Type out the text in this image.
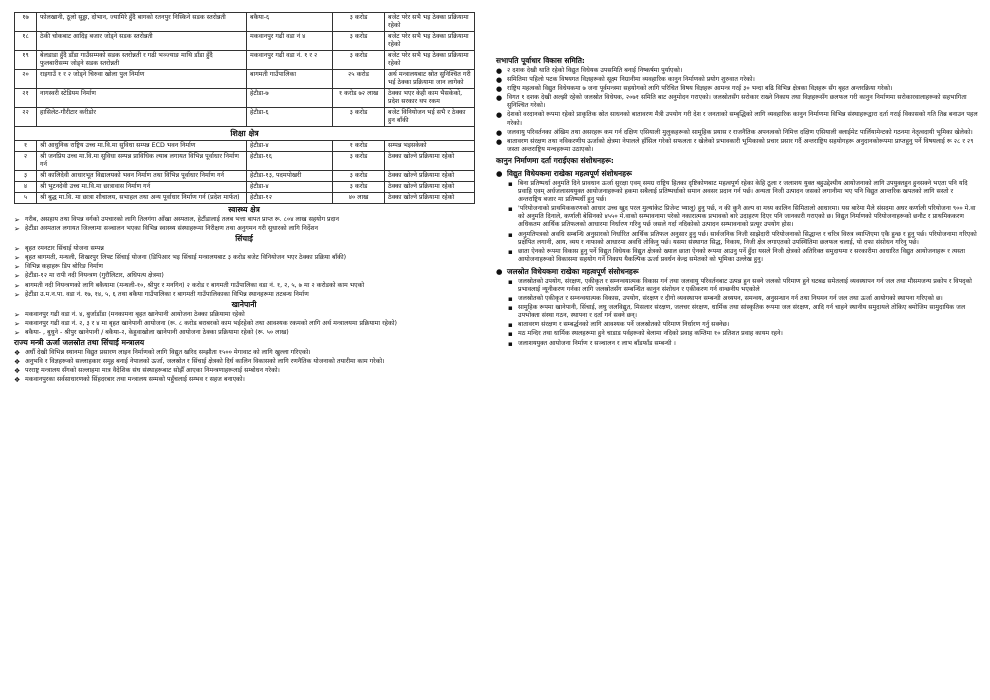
१७	फोलखानी, ठूलो सुड्डा, दोभान, ज्यामिरे हुँदै बागको रतनपुर निस्किने सडक स्तरोन्नती	बकैया-६	३ करोड	बजेट परेर सभै भइ ठेक्का प्रक्रियामा रहेको
१८	ठेकी चोकबाट आदिइ बजार जोड्ने सडक स्तरोन्नती	मकवानपुर गढी वडा नं ४	३ करोड	बजेट परेर सभै भइ ठेक्का प्रक्रियामा रहेको
१९	बेलडाडा हुँदै डाँडा गाउँसम्मको सडक स्तरोन्नती र गढी भञ्ज्याङ माथि डाँडा हुँदै फुलबारीसम्म जोड्ने सडक स्तरोन्नती	मकवानपुर गढी वडा नं. १ र २	३ करोड	बजेट परेर सभै भइ ठेक्का प्रक्रियामा रहेको
२०	राइगाउँ १ र २ जोड्ने चिरुवा खोला पुल निर्माण	बागमती गाउँपालिका	२५ करोड	अर्थ मन्त्रालयबाट स्रोत सुनिश्चित गरी भई ठेक्का प्रक्रियामा जान लागेको
२१	नागस्वरी स्टेडियम निर्माण	हेटौडा-७	१ करोड ७२ लाख	ठेक्का भएर केही काम भैसकेको, प्रदेश सरकार थप रकम
२२	हासिलेट-गौरीटार करीडोर	हेटौडा-६	३ करोड	बजेट विनियोजन भई सभै र ठेक्का हुन बाँकी
शिक्षा क्षेत्र				
१	श्री आधुनिक राष्ट्रिय उच्च मा.वि.मा सुविधा सम्पन्न ECD भवन निर्माण	हेटौडा-४	१ करोड	सम्पन्न भइसकेको
२	श्री जनप्रिय उच्च मा.वि.मा सुविधा सम्पन्न प्राविधिक ल्याब लगायत विभिन्न पूर्वाधार निर्माण गर्न	हेटौडा-१६	३ करोड	ठेक्का खोल्ने प्रक्रियामा रहेको
३	श्री कालिदेवी आधारभूत विद्यालयको भवन निर्माण तथा विभिन्न पूर्वाधार निर्माण गर्न	हेटौडा-१३, पदमपोखरी	३ करोड	ठेक्का खोल्ने प्रक्रियामा रहेको
४	श्री भुटनदेवी उच्च मा.वि.मा छात्रावास निर्माण गर्न	हेटौडा-४	३ करोड	ठेक्का खोल्ने प्रक्रियामा रहेको
५	श्री बुद्ध मा.वि. मा छात्रा शौचालय, सभाहल तथा अन्य पूर्वाधार निर्माण गर्न (प्रदेश मार्फत)	हेटौडा-१२	४० लाख	ठेक्का खोल्ने प्रक्रियामा रहेको
स्वास्थ्य क्षेत्र
➢ गरीब, असहाय तथा विपन्न वर्गको उपचारको लागि तिलगंगा आँखा अस्पताल, हेटौंडालाई तलब भत्ता बापत प्राप्त रू. ८०४ लाख सहयोग प्रदान
➢ हेटौंडा अस्पताल लगायत जिल्लामा सञ्चालन भएका विभिन्न स्वास्थ्य संस्थाहरूमा निरीक्षण तथा अनुगमन गरी सुधारको लागि निर्देशन
सिंचाई
➢ बृहत रमनटार सिंचाई योजना सम्पन्न
➢ बृहत बागमती, मन्थली, शिखरपुर लिफ्ट सिंचाई योजना (डिपिआर भइ सिंचाई मन्त्रालयबाट ३ करोड बजेट विनियोजन भएर ठेक्का प्रक्रिया बाँकी)
➢ विभिन्न कहाहरू डिप बोरिङ निर्माण
➢ हेटौंडा-१२ मा रापी नदी नियन्त्रण (गुरौलिटार, अधिपत्य क्षेत्रमा)
➢ बागमती नदी नियन्त्रणको लागि बकैयामा (मन्थली-१०, श्रीपुर र मनगिन) २ करोड र बागमती गाउँपालिका वडा नं. १, २, ५, ७ मा २ करोडको काम भएको
➢ हेटौंडा उ.म.न.पा. वडा नं. १७, १४, ५, ६ तथा बकैया गाउँपालिका र बागमती गाउँपालिकाका विभिन्न स्थानहरूमा तटबन्ध निर्माण
खानेपानी
➢ मकवानपुर गढी वडा नं. ४, बुर्जाडाँडा (मनकामना बृहत खानेपानी आयोजना ठेक्का प्रक्रियामा रहेको
➢ मकवानपुर गढी वडा नं. २, ३ र ४ मा बृहत खानेपानी आयोजना (रू. ८ करोड बराबरको काम भईरहेको तथा आवश्यक रकमको लागि अर्थ मन्त्रालयमा प्रक्रियामा रहेको)
➢ बकैया- , बुधुने - श्रीपुर खानेपानी / बकैया-२, केहुवाखोला खानेपानी आयोजना ठेक्का प्रक्रियामा रहेको (रू. ५० लाख)
राज्य मन्त्री ऊर्जा जलस्रोत तथा सिंचाई मन्त्रालय
❖ अर्घौ देखी विभिन्न स्थानमा विद्युत प्रसारण लाइन निर्माणको लागि विद्युत खरिद सम्झौता १५०० मेगावाट को लागि खुल्ला गरिएको।
❖ अनुभवि र विज्ञहरूको सल्लाहकार समूह बनाई नेपालको ऊर्जा, जलस्रोत र सिंचाई क्षेत्रको दिर्घ कालिन विकासको लागि रणनैतिक योजनाको तयारीमा काम गरेको।
❖ परराष्ट्र मन्त्रालय सँगको सल्लाहमा मात्र वैदेशिक संघ संस्थाहरूबाट सोझैँ आएका निमन्त्रणाहरूलाई सम्बोधन गरेको।
❖ मकवानपुरका सर्वसाधारणको सिंहदरबार तथा मन्त्रालय सम्मको पहुँचलाई सम्भव र सहज बनाएको।
सभापति पूर्वाधार विकास समिति:
● २ दशक देखी थाति रहेको विद्युत विधेयक उपसमिति बनाई निष्कर्षमा पुर्याएको।
● समितिमा पहिलो पटक विषयगत विज्ञहरूको सूक्ष्म निग्रानीमा व्यवहारिक कानुन निर्माणको प्रयोग शुरुवात गरेको।
● राष्ट्रिय महत्वको विद्युत विधेयकमा ७ जना पूर्वमन्त्रमा सहयोगको लागि परिचित विषय विज्ञहरू आमन्त्र गरई ३० भन्दा बढि विभिन्न क्षेत्रका विज्ञहरू सँग बृहत अन्तरक्रिया गरेको।
● विगत १ दशक देखी अल्झी रहेको जलस्रोत विधेयक, २०७१ समिति बाट अनुमोदन गराएको। जलस्रोतसँग सरोकार राख्ने निकाय तथा विज्ञहरूसँग छलफल गरी कानुन निर्माणमा सरोकारवालाहरूको सहभागिता सुनिश्चित गरेको।
● देशको वरदानको रूपमा रहेको प्राकृतिक स्रोत साधनको बातावरण मैत्री उपयोग गरी देश र जनताको सम्बृद्धिको लागि व्यवहारिक कानुन निर्माणमा विभिन्न संस्थाहरूद्वारा दर्ता गराई विकासको गति तिब्र बनाउन पहल गरेको।
● जलवायु परिवर्तनका अंखिम तथा असरहरू कम गर्न दक्षिण एसियाली मुलुकहरूको सामूहिक प्रयास र राजनैतिक अपनत्वको निमित्त दक्षिण एसियाली क्लाईमेट पार्लियामेन्टको गठनमा नेतृत्वदायी भूमिका खेलेको।
● बातावरण संरक्षण तथा नविकरणीय ऊर्जाको क्षेत्रमा नेपालले हाँसिल गरेको सफलता र खेलेको प्रभावकारी भूमिकाको प्रचार प्रसार गर्दै अन्तराष्ट्रिय सहयोगहरू अनुदानकोरूपमा प्राप्तहुनु पर्ने विषयलाई रू २८ र २९ जस्ता अन्तराष्ट्रिय मन्चहरूमा उठाएको।
कानुन निर्माणमा दर्ता गराईएका संशोधनहरू:
● विद्युत विधेयकमा राखेका महत्वपूर्ण संशोधनहरू
▪ बिना प्रतिष्पर्धा अनुमति दिने प्रावधान ऊर्जा सुरक्षा एवम् समग्र राष्ट्रिय हितका दृष्टिकोणबाट महत्वपूर्ण रहेका केहि ठूला र जलाशय युक्त बहुउद्देश्यीय आयोजनाको लागि उपयुक्तहुन हुनसक्ने भएता पनि यदि प्रवाहि एवम् अर्धजलासययुक्त आयोजनाहरूको हकमा सबैलाई प्रतिष्पर्धाको समान अवसर प्रदान गर्न पर्छ। अन्यता निजी उत्पादन जसको लगानीमा भए पनि विद्युत आन्तरिक खपतको लागि सस्तो र अन्तराष्ट्रिय बजार मा प्रतिष्पर्धी हुनु पर्छ।
▪ 'परियोजनाको प्राथमिककरणको आधार उच्च खुद परल मुल्यांकेट प्रिजेन्ट भ्यालू) हुनु पर्छ, न की कुनै अल्प वा मध्य कालिन सिमितालो आधारमा। यस बारेमा मैले संसदमा अघर कर्णाली परियोजना ९०० मे.वा को अनुमति दिनाले, कर्णाली बेसिनको ४५५० मे.वाको सम्भावनामा परेको नकारात्मक प्रभावको बारे उदाहरण दिएर पनि जानकारी गराएको छ। विद्युत निर्माणको परियोजनाहरूको छनौट र प्राथमिककरण अधिकतम आर्थिक प्रतिफलको आधारमा निर्धारण गरिनु पर्छ जसले गर्दा नदिकोको उत्पादन सम्भावनाको प्रत्यूर उपयोग होस।
▪ अनुमतिपत्रको अवधि सम्बन्धि अनुसारको निर्धारित आर्थिक प्रतिफल अनुसार हुनु पर्छ। सार्वजनिक निजी साझेदारी परियोजनाको सिद्धान्त र चरित्र विरुत्र व्याप्तिएमा एकै हुन्छ र हुनु पर्छ। परियोजनामा गरिएको प्रक्षेपित लगानी, आय, व्यय र नाफाको आधारमा अवधि तोकिनु पर्छ। यसमा संस्थागत सिद्ध, निकाय, निजी क्षेत्र लगाएतको उपस्थितिमा छलफल चलाई, यो दफा संसोधन गरिनु पर्छ।
▪ छाता ऐनको रूपमा विकास हुनु पर्ने विद्युत विधेयक विद्युत क्षेत्रको ख्याल छाता ऐनको रूपमा आउनु पर्ने हुँदा यसले निजी क्षेत्रको अतिरिक्त समुदायमा र सरकारीमा आधारित विद्युत आयोजनाहरू र त्यस्ता आयोजनाहरूको विकासमा सहयोग गर्ने निकाय यैकल्पिक ऊर्जा प्रवर्धन केन्द्र समेतको को भूमिका उल्लेख हुनु।
● जलस्रोत विधेयकमा राखेका महत्वपूर्ण संसोधनहरू
▪ जलस्रोतको उपयोग, संरक्षण, एकीकृत र सम्नन्वयात्मक विकास गर्न तथा जलवायु परिवर्तनबाट उत्पन्न हुन सक्ने जलको परिमाण हुने घटबढ समेतलाई व्यवस्थापन गर्न जल तथा मौसमजन्य प्रकोप र विपद्को प्रभावलाई न्यूनीकरण गर्नका लागि जलस्रोतसँग सम्बन्धित कानुन संशोधन र एकीकरण गर्न वान्छनीय भएकोले
▪ जलस्रोतको एकीकृत र सम्नन्वयात्मक विकास, उपयोग, संरक्षण र दीगो व्यवस्थापन सम्बन्धी अध्ययन, समन्वय, अनुसन्धान गर्न तथा नियमन गर्न जल तथा ऊर्जा आयोगको स्थापना गरिएको छ।
▪ सामुहिक रूपमा खानेपानी, सिंचाई, लघु जलविद्युत, मिसलार संरक्षण, जलचर संरक्षण, धार्मिक तथा सांस्कृतिक रूपमा जल संरक्षण, आदि गर्न चाहने स्थानीय समुदायले तोकिए बमोजिम सामुदायिक जल उपभोक्ता संस्था गठन, स्थापना र दर्ता गर्न सक्ने छन्।
▪ बातावरण संरक्षण र सम्बर्द्धनको लागि आवश्यक पर्ने जलस्रोतको परिमाण निर्धारण गर्नु सक्नेछ।
▪ मठ मन्दिर तथा धार्मिक स्थलहरूमा हुने चाडाड पर्वहरूको बेलामा नदिको प्रवाह कम्तिमा १० प्रतिशत प्रवाह कायम रहने।
▪ जलाशययुक्त आयोजना निर्माण र सञ्चालन र लाभ बाँडफाँड सम्बन्धी ।
